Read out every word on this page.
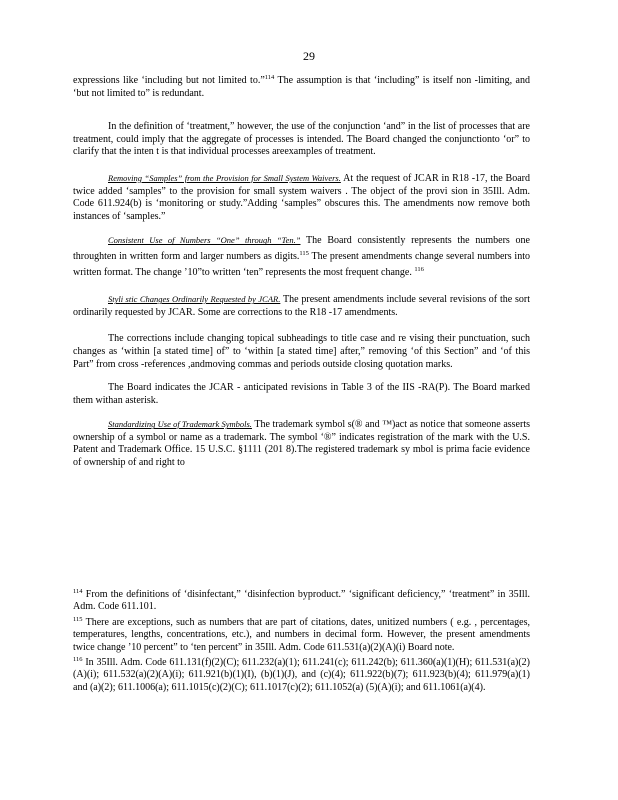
29

expressions like ‘including but not limited to.”$^{114}$ The assumption is that ‘including” is itself non -limiting, and ‘but not limited to” is redundant.

In the definition of ‘treatment,” however, the use of the conjunction ‘and” in the list of processes that are treatment, could imply that the aggregate of processes is intended. The Board changed the conjunctionto ‘or” to clarify that the inten t is that individual processes areexamples of treatment.

Removing “Samples” from the Provision for Small System Waivers. At the request of JCAR in R18 -17, the Board twice added ‘samples” to the provision for small system waivers . The object of the provi sion in 35Ill. Adm. Code 611.924(b) is ‘monitoring or study.”Adding ‘samples” obscures this. The amendments now remove both instances of ‘samples.”

Consistent Use of Numbers “One” through “Ten.” The Board consistently represents the numbers one throughten in written form and larger numbers as digits.$^{115}$ The present amendments change several numbers into written format. The change ’10”to written ‘ten” represents the most frequent change. $^{116}$

Styli stic Changes Ordinarily Requested by JCAR. The present amendments include several revisions of the sort ordinarily requested by JCAR. Some are corrections to the R18 -17 amendments.

The corrections include changing topical subheadings to title case and re vising their punctuation, such changes as ‘within [a stated time] of” to ‘within [a stated time] after,” removing ‘of this Section” and ‘of this Part” from cross -references ,andmoving commas and periods outside closing quotation marks.

The Board indicates the JCAR - anticipated revisions in Table 3 of the IIS -RA(P). The Board marked them withan asterisk.

Standardizing Use of Trademark Symbols. The trademark symbol s(® and ™)act as notice that someone asserts ownership of a symbol or name as a trademark. The symbol ‘®” indicates registration of the mark with the U.S. Patent and Trademark Office. 15 U.S.C. §1111 (201 8).The registered trademark sy mbol is prima facie evidence of ownership of and right to

$^{114}$ From the definitions of ‘disinfectant,” ‘disinfection byproduct.” ‘significant deficiency,” ‘treatment” in 35Ill. Adm. Code 611.101.

$^{115}$ There are exceptions, such as numbers that are part of citations, dates, unitized numbers ( e.g. , percentages, temperatures, lengths, concentrations, etc.), and numbers in decimal form. However, the present amendments twice change ’10 percent” to ‘ten percent” in 35Ill. Adm. Code 611.531(a)(2)(A)(i) Board note.

$^{116}$ In 35Ill. Adm. Code 611.131(f)(2)(C); 611.232(a)(1); 611.241(c); 611.242(b); 611.360(a)(1)(H); 611.531(a)(2)(A)(i); 611.532(a)(2)(A)(i); 611.921(b)(1)(I), (b)(1)(J), and (c)(4); 611.922(b)(7); 611.923(b)(4); 611.979(a)(1) and (a)(2); 611.1006(a); 611.1015(c)(2)(C); 611.1017(c)(2); 611.1052(a) (5)(A)(i); and 611.1061(a)(4).
